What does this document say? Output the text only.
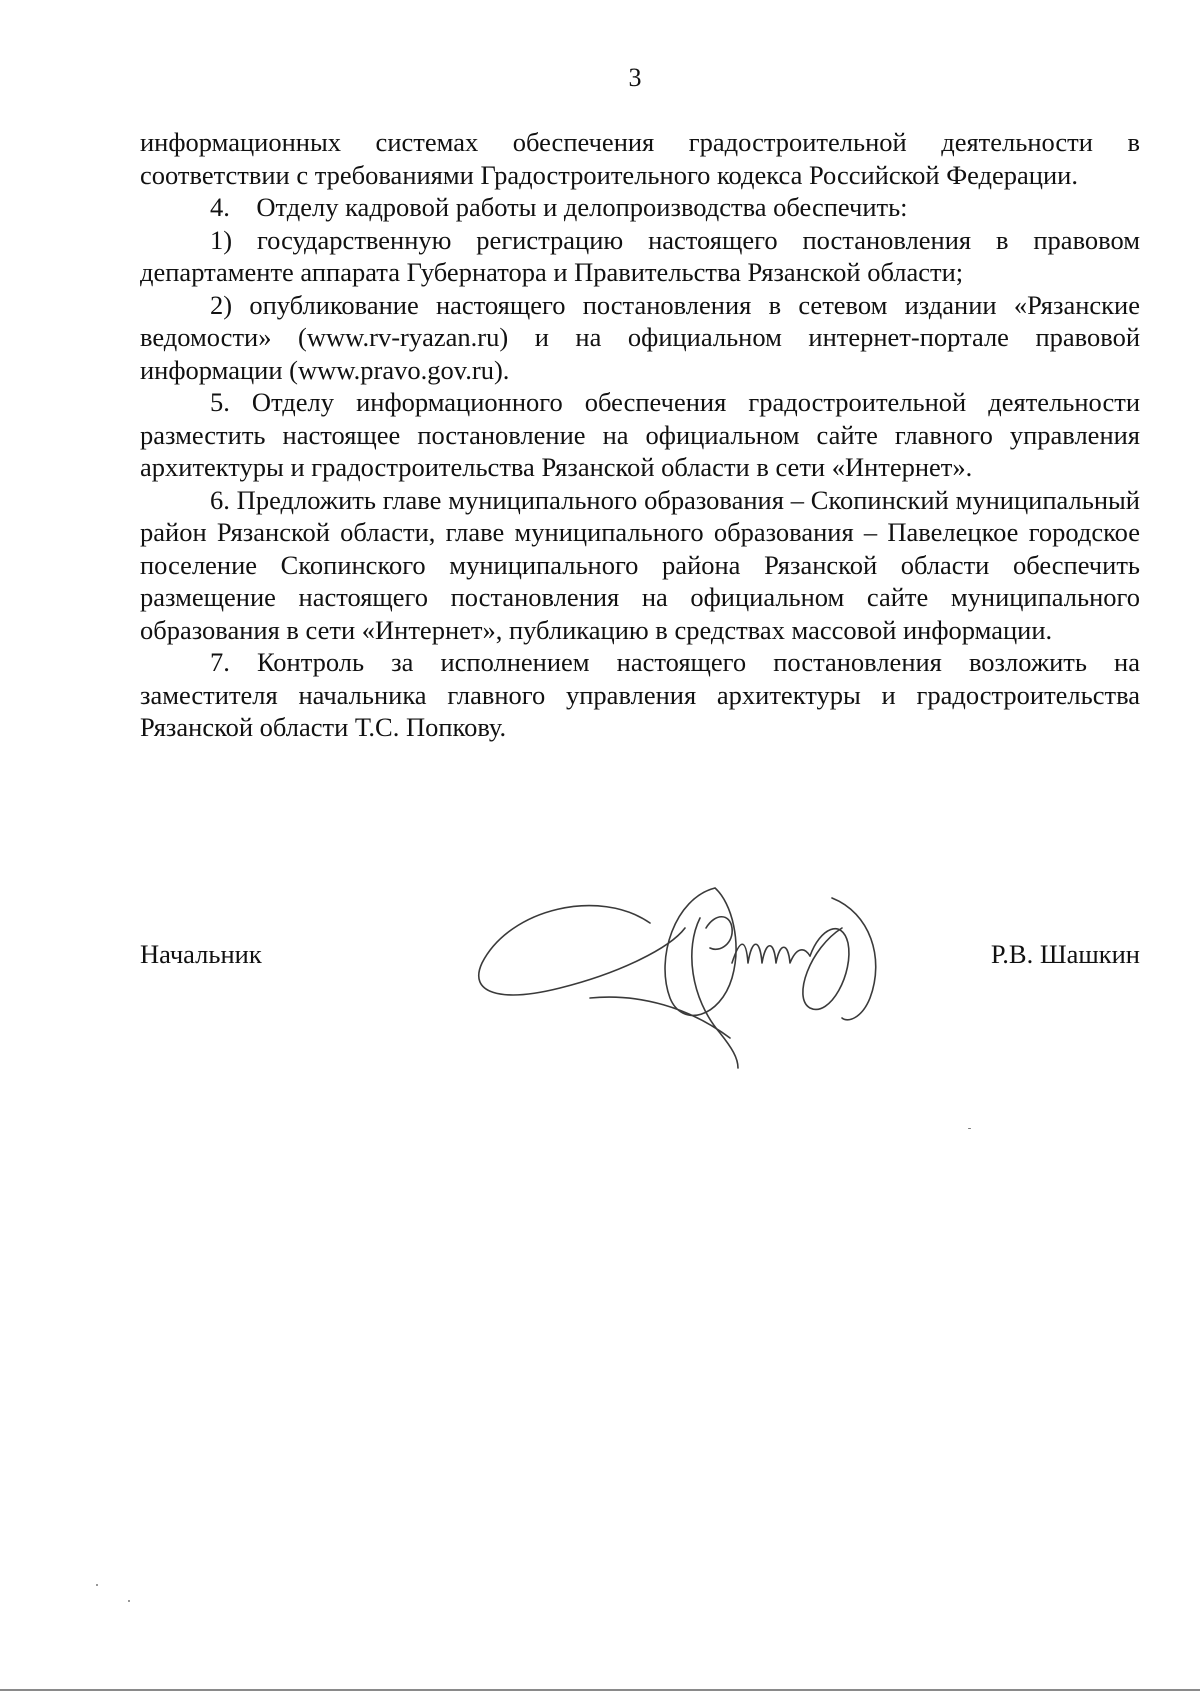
3

информационных системах обеспечения градостроительной деятельности в соответствии с требованиями Градостроительного кодекса Российской Федерации.

4.    Отделу кадровой работы и делопроизводства обеспечить:

1) государственную регистрацию настоящего постановления в правовом департаменте аппарата Губернатора и Правительства Рязанской области;

2) опубликование настоящего постановления в сетевом издании «Рязанские ведомости» (www.rv-ryazan.ru) и на официальном интернет-портале правовой информации (www.pravo.gov.ru).

5. Отделу информационного обеспечения градостроительной деятельности разместить настоящее постановление на официальном сайте главного управления архитектуры и градостроительства Рязанской области в сети «Интернет».

6. Предложить главе муниципального образования – Скопинский муниципальный район Рязанской области, главе муниципального образования – Павелецкое городское поселение Скопинского муниципального района Рязанской области обеспечить размещение настоящего постановления на официальном сайте муниципального образования в сети «Интернет», публикацию в средствах массовой информации.

7. Контроль за исполнением настоящего постановления возложить на заместителя начальника главного управления архитектуры и градостроительства Рязанской области Т.С. Попкову.

Начальник	Р.В. Шашкин
